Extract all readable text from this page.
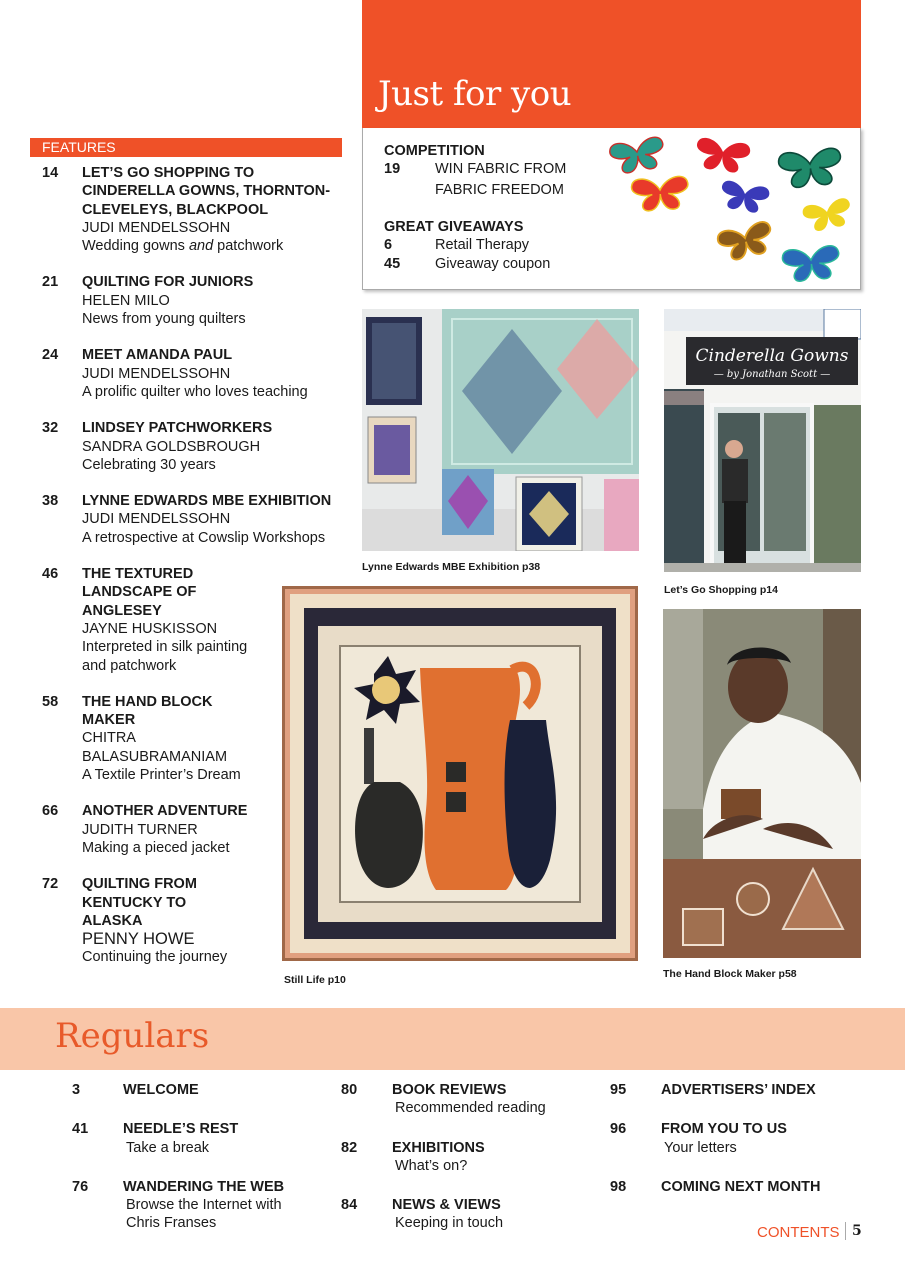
FEATURES
14	LET’S GO SHOPPING TO CINDERELLA GOWNS, THORNTON-CLEVELEYS, BLACKPOOL
JUDI MENDELSSOHN
Wedding gowns and patchwork
21	QUILTING FOR JUNIORS
HELEN MILO
News from young quilters
24	MEET AMANDA PAUL
JUDI MENDELSSOHN
A prolific quilter who loves teaching
32	LINDSEY PATCHWORKERS
SANDRA GOLDSBROUGH
Celebrating 30 years
38	LYNNE EDWARDS MBE EXHIBITION
JUDI MENDELSSOHN
A retrospective at Cowslip Workshops
46	THE TEXTURED LANDSCAPE OF ANGLESEY
JAYNE HUSKISSON
Interpreted in silk painting and patchwork
58	THE HAND BLOCK MAKER
CHITRA BALASUBRAMANIAM
A Textile Printer’s Dream
66	ANOTHER ADVENTURE
JUDITH TURNER
Making a pieced jacket
72	QUILTING FROM KENTUCKY TO ALASKA
PENNY HOWE
Continuing the journey
Just for you
COMPETITION
19	WIN FABRIC FROM
FABRIC FREEDOM
GREAT GIVEAWAYS
6	Retail Therapy
45	Giveaway coupon
Lynne Edwards MBE Exhibition p38
Cinderella Gowns
— by Jonathan Scott —
Let’s Go Shopping p14
Still Life p10	The Hand Block Maker p58
Regulars
3	WELCOME
41	NEEDLE’S REST
Take a break
76	WANDERING THE WEB
Browse the Internet with Chris Franses
80	BOOK REVIEWS
Recommended reading
82	EXHIBITIONS
What’s on?
84	NEWS & VIEWS
Keeping in touch
95	ADVERTISERS’ INDEX
96	FROM YOU TO US
Your letters
98	COMING NEXT MONTH
CONTENTS 5
